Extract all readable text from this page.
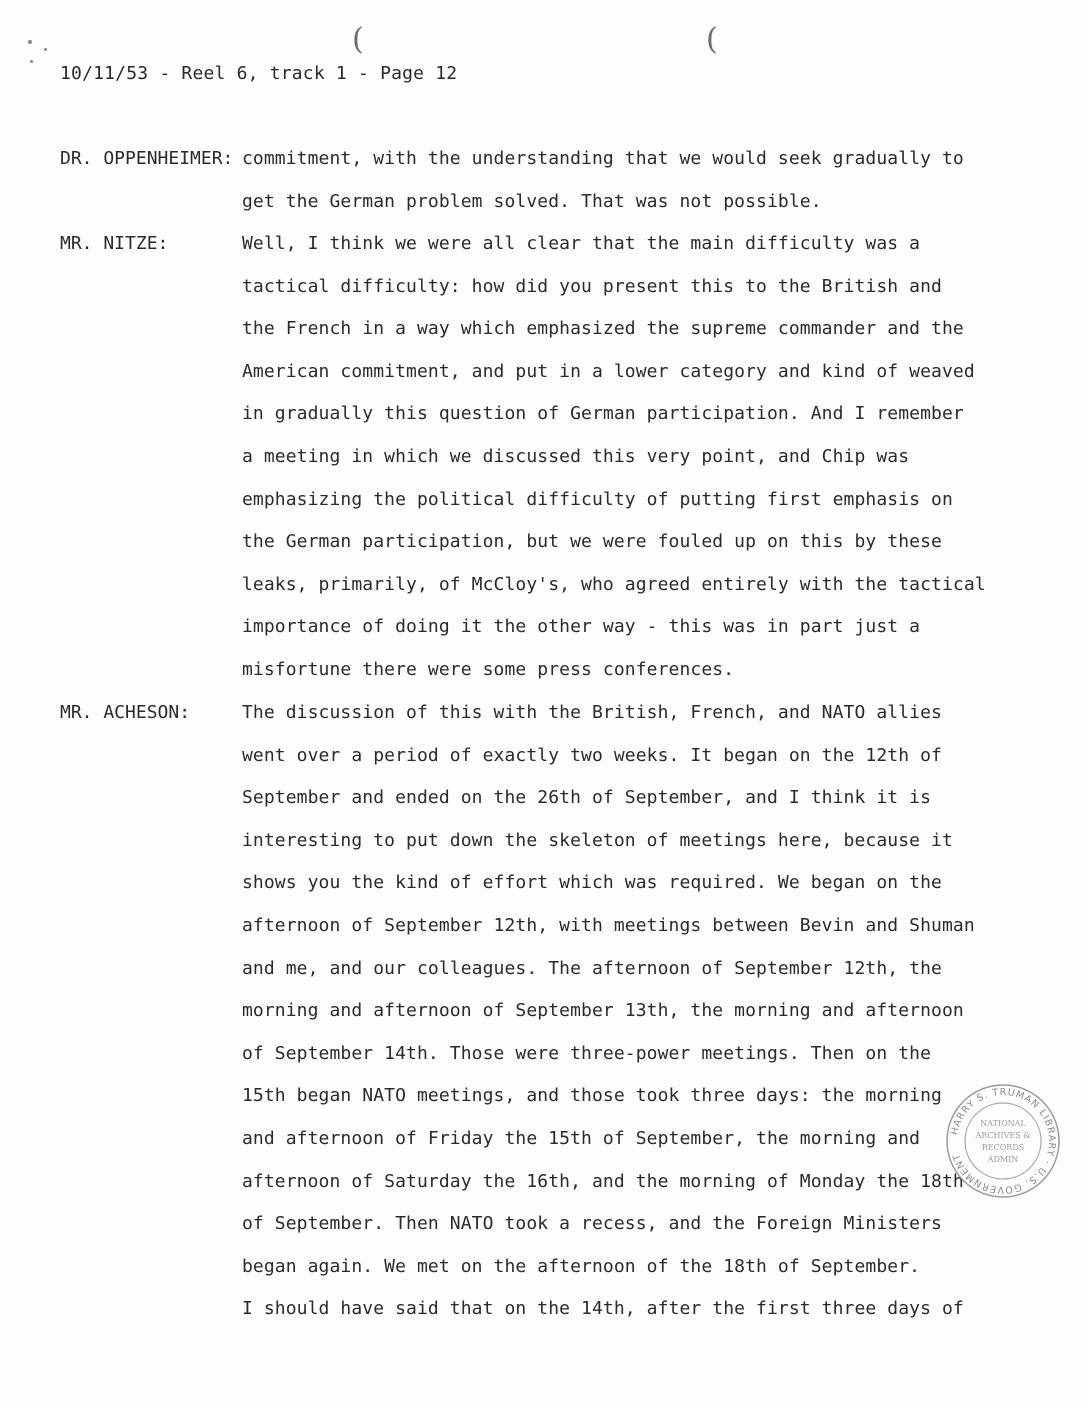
(	(
10/11/53 - Reel 6, track 1 - Page 12
DR. OPPENHEIMER: commitment, with the understanding that we would seek gradually to
get the German problem solved. That was not possible.
MR. NITZE:	Well, I think we were all clear that the main difficulty was a
tactical difficulty: how did you present this to the British and
the French in a way which emphasized the supreme commander and the
American commitment, and put in a lower category and kind of weaved
in gradually this question of German participation. And I remember
a meeting in which we discussed this very point, and Chip was
emphasizing the political difficulty of putting first emphasis on
the German participation, but we were fouled up on this by these
leaks, primarily, of McCloy's, who agreed entirely with the tactical
importance of doing it the other way - this was in part just a
misfortune there were some press conferences.
MR. ACHESON:	The discussion of this with the British, French, and NATO allies
went over a period of exactly two weeks. It began on the 12th of
September and ended on the 26th of September, and I think it is
interesting to put down the skeleton of meetings here, because it
shows you the kind of effort which was required. We began on the
afternoon of September 12th, with meetings between Bevin and Shuman
and me, and our colleagues. The afternoon of September 12th, the
morning and afternoon of September 13th, the morning and afternoon
of September 14th. Those were three-power meetings. Then on the
15th began NATO meetings, and those took three days: the morning
and afternoon of Friday the 15th of September, the morning and
afternoon of Saturday the 16th, and the morning of Monday the 18th
of September. Then NATO took a recess, and the Foreign Ministers
began again. We met on the afternoon of the 18th of September.
I should have said that on the 14th, after the first three days of
HARRY S. TRUMAN LIBRARY · U.S. GOVERNMENT
NATIONAL
ARCHIVES &
RECORDS
ADMIN
